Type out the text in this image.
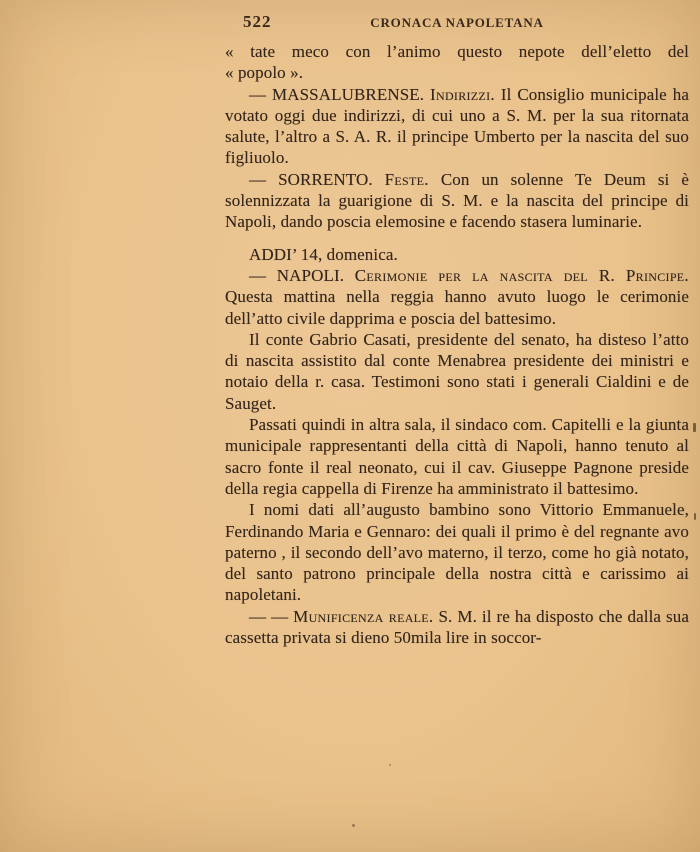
522	CRONACA NAPOLETANA

« tate meco con l’animo questo nepote dell’eletto del
« popolo ».

— MASSALUBRENSE. Indirizzi. Il Consiglio municipale ha votato oggi due indirizzi, di cui uno a S. M. per la sua ritornata salute, l’altro a S. A. R. il principe Umberto per la nascita del suo figliuolo.

— SORRENTO. Feste. Con un solenne Te Deum si è solennizzata la guarigione di S. M. e la nascita del principe di Napoli, dando poscia elemosine e facendo stasera luminarie.

ADDI’ 14, domenica.

— NAPOLI. Cerimonie per la nascita del R. Principe. Questa mattina nella reggia hanno avuto luogo le cerimonie dell’atto civile dapprima e poscia del battesimo.

Il conte Gabrio Casati, presidente del senato, ha disteso l’atto di nascita assistito dal conte Menabrea presidente dei ministri e notaio della r. casa. Testimoni sono stati i generali Cialdini e de Sauget.

Passati quindi in altra sala, il sindaco com. Capitelli e la giunta municipale rappresentanti della città di Napoli, hanno tenuto al sacro fonte il real neonato, cui il cav. Giuseppe Pagnone preside della regia cappella di Firenze ha amministrato il battesimo.

I nomi dati all’augusto bambino sono Vittorio Emmanuele, Ferdinando Maria e Gennaro: dei quali il primo è del regnante avo paterno , il secondo dell’avo materno, il terzo, come ho già notato, del santo patrono principale della nostra città e carissimo ai napoletani.

— — Munificenza reale. S. M. il re ha disposto che dalla sua cassetta privata si dieno 50mila lire in soccor-
